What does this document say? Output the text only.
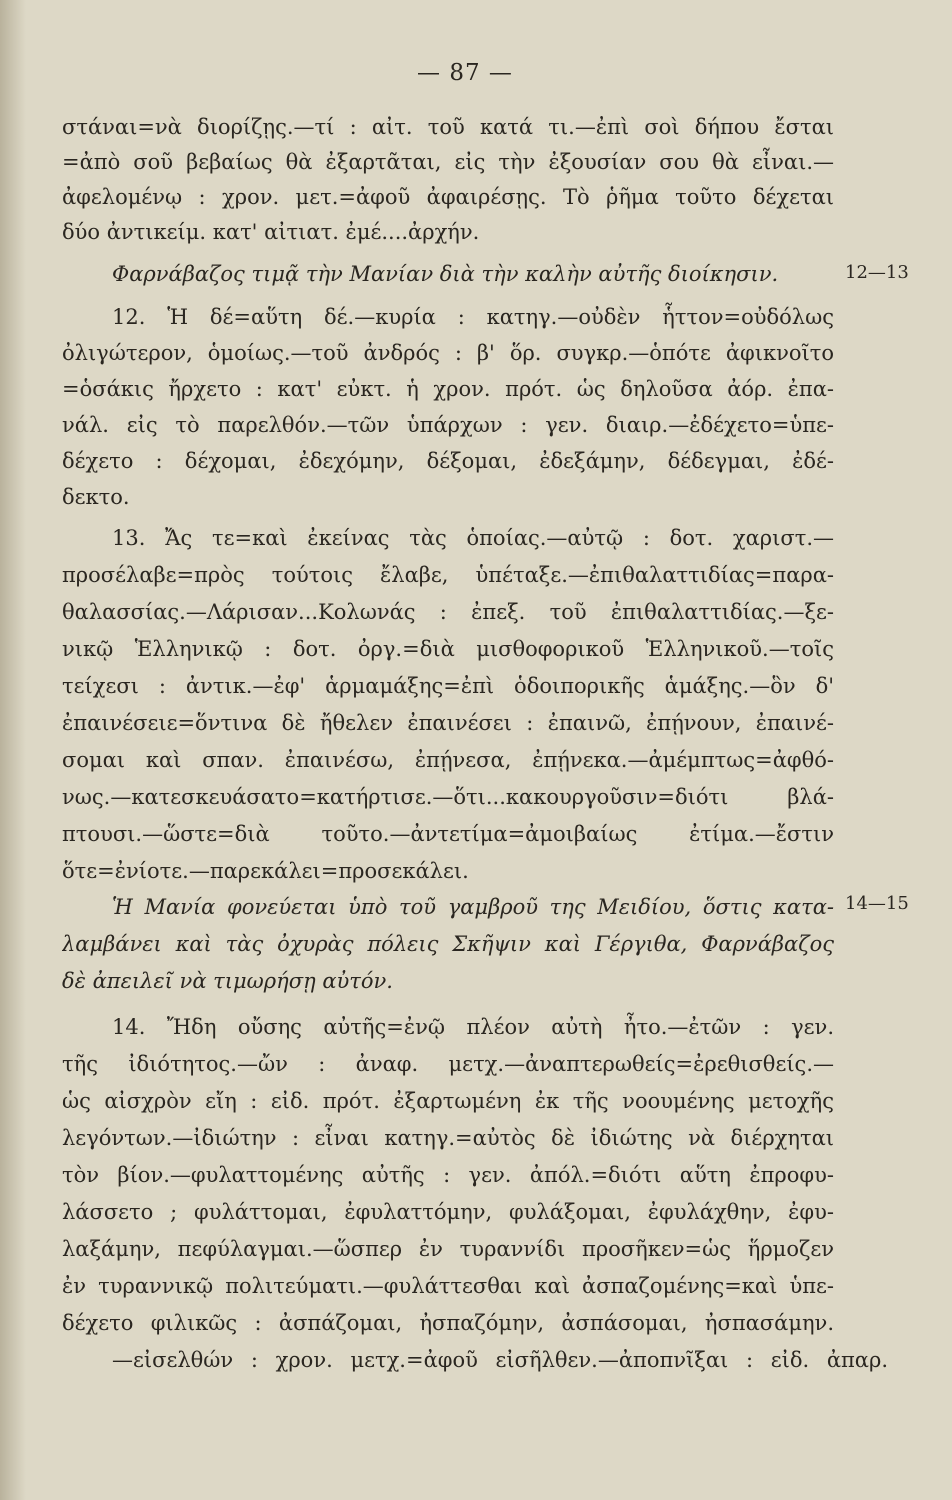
— 87 —
12—13
14—15
στάναι=νὰ διορίζῃς.—τί : αἰτ. τοῦ κατά τι.—ἐπὶ σοὶ δήπου ἔσται
=ἀπὸ σοῦ βεβαίως θὰ ἐξαρτᾶται, εἰς τὴν ἐξουσίαν σου θὰ εἶναι.—
ἀφελομένῳ : χρον. μετ.=ἀφοῦ ἀφαιρέσῃς. Τὸ ῥῆμα τοῦτο δέχεται
δύο ἀντικείμ. κατ' αἰτιατ. ἐμέ....ἀρχήν.
Φαρνάβαζος τιμᾷ τὴν Μανίαν διὰ τὴν καλὴν αὐτῆς διοίκησιν.
12. Ἡ δέ=αὕτη δέ.—κυρία : κατηγ.—οὐδὲν ἧττον=οὐδόλως
ὀλιγώτερον, ὁμοίως.—τοῦ ἀνδρός : β' ὅρ. συγκρ.—ὁπότε ἀφικνοῖτο
=ὁσάκις ἤρχετο : κατ' εὐκτ. ἡ χρον. πρότ. ὡς δηλοῦσα ἀόρ. ἐπα-
νάλ. εἰς τὸ παρελθόν.—τῶν ὑπάρχων : γεν. διαιρ.—ἐδέχετο=ὑπε-
δέχετο : δέχομαι, ἐδεχόμην, δέξομαι, ἐδεξάμην, δέδεγμαι, ἐδέ-
δεκτο.
13. Ἄς τε=καὶ ἐκείνας τὰς ὁποίας.—αὐτῷ : δοτ. χαριστ.—
προσέλαβε=πρὸς τούτοις ἔλαβε, ὑπέταξε.—ἐπιθαλαττιδίας=παρα-
θαλασσίας.—Λάρισαν...Κολωνάς : ἐπεξ. τοῦ ἐπιθαλαττιδίας.—ξε-
νικῷ Ἑλληνικῷ : δοτ. ὀργ.=διὰ μισθοφορικοῦ Ἑλληνικοῦ.—τοῖς
τείχεσι : ἀντικ.—ἐφ' ἁρμαμάξης=ἐπὶ ὁδοιπορικῆς ἁμάξης.—ὃν δ'
ἐπαινέσειε=ὅντινα δὲ ἤθελεν ἐπαινέσει : ἐπαινῶ, ἐπῄνουν, ἐπαινέ-
σομαι καὶ σπαν. ἐπαινέσω, ἐπῄνεσα, ἐπῄνεκα.—ἀμέμπτως=ἀφθό-
νως.—κατεσκευάσατο=κατήρτισε.—ὅτι...κακουργοῦσιν=διότι βλά-
πτουσι.—ὥστε=διὰ τοῦτο.—ἀντετίμα=ἀμοιβαίως ἐτίμα.—ἔστιν
ὅτε=ἐνίοτε.—παρεκάλει=προσεκάλει.
Ἡ Μανία φονεύεται ὑπὸ τοῦ γαμβροῦ της Μειδίου, ὅστις κατα-
λαμβάνει καὶ τὰς ὀχυρὰς πόλεις Σκῆψιν καὶ Γέργιθα, Φαρνάβαζος
δὲ ἀπειλεῖ νὰ τιμωρήσῃ αὐτόν.
14. Ἤδη οὔσης αὐτῆς=ἐνῷ πλέον αὐτὴ ἦτο.—ἐτῶν : γεν.
τῆς ἰδιότητος.—ὤν : ἀναφ. μετχ.—ἀναπτερωθείς=ἐρεθισθείς.—
ὡς αἰσχρὸν εἴη : εἰδ. πρότ. ἐξαρτωμένη ἐκ τῆς νοουμένης μετοχῆς
λεγόντων.—ἰδιώτην : εἶναι κατηγ.=αὐτὸς δὲ ἰδιώτης νὰ διέρχηται
τὸν βίον.—φυλαττομένης αὐτῆς : γεν. ἀπόλ.=διότι αὕτη ἐπροφυ-
λάσσετο ; φυλάττομαι, ἐφυλαττόμην, φυλάξομαι, ἐφυλάχθην, ἐφυ-
λαξάμην, πεφύλαγμαι.—ὥσπερ ἐν τυραννίδι προσῆκεν=ὡς ἥρμοζεν
ἐν τυραννικῷ πολιτεύματι.—φυλάττεσθαι καὶ ἀσπαζομένης=καὶ ὑπε-
δέχετο φιλικῶς : ἀσπάζομαι, ἠσπαζόμην, ἀσπάσομαι, ἠσπασάμην.
—εἰσελθών : χρον. μετχ.=ἀφοῦ εἰσῆλθεν.—ἀποπνῖξαι : εἰδ. ἀπαρ.
